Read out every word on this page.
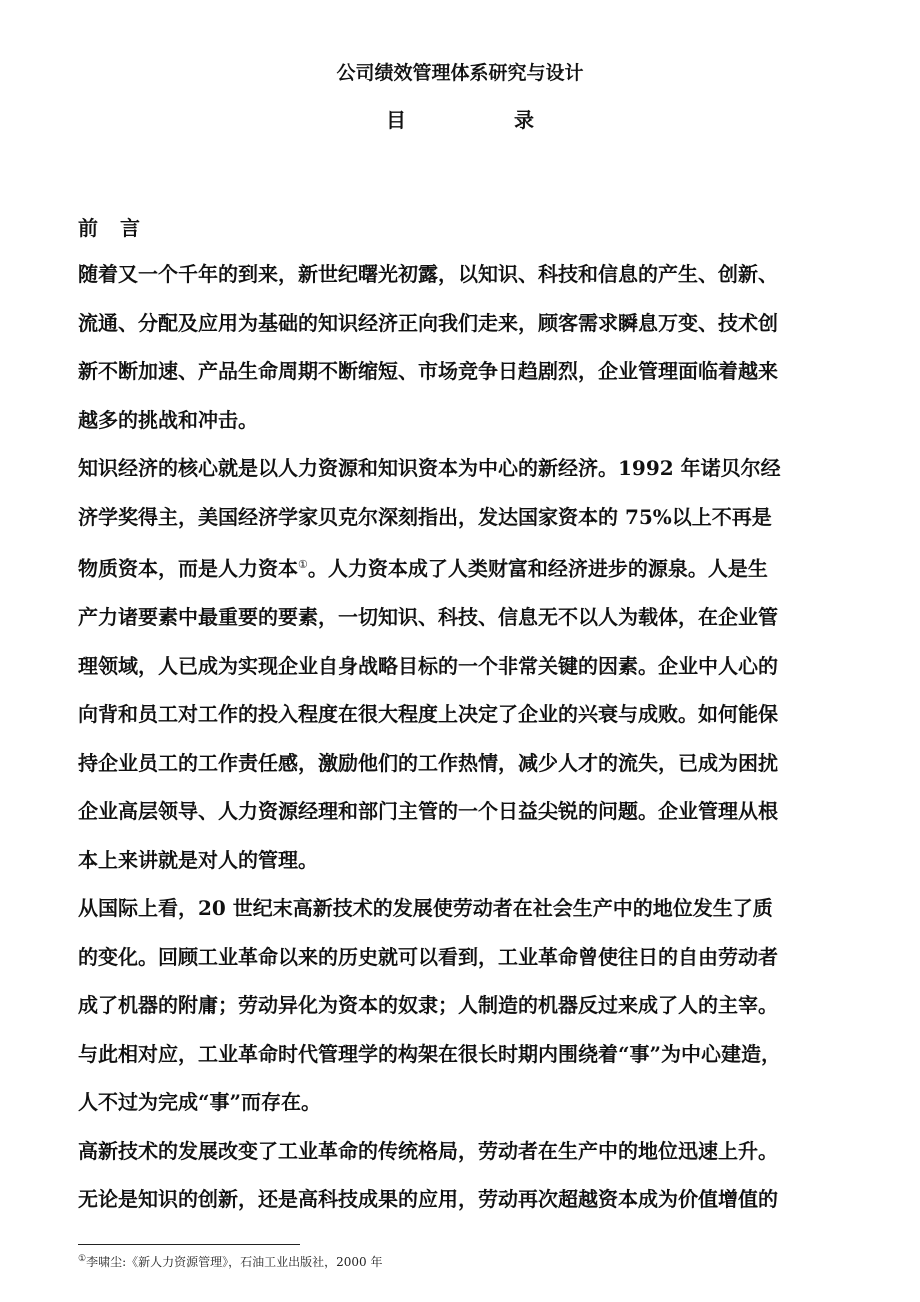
公司绩效管理体系研究与设计
目	录
前 言

随着又一个千年的到来，新世纪曙光初露，以知识、科技和信息的产生、创新、
流通、分配及应用为基础的知识经济正向我们走来，顾客需求瞬息万变、技术创
新不断加速、产品生命周期不断缩短、市场竞争日趋剧烈，企业管理面临着越来
越多的挑战和冲击。

知识经济的核心就是以人力资源和知识资本为中心的新经济。1992 年诺贝尔经
济学奖得主，美国经济学家贝克尔深刻指出，发达国家资本的 75%以上不再是
物质资本，而是人力资本①。人力资本成了人类财富和经济进步的源泉。人是生
产力诸要素中最重要的要素，一切知识、科技、信息无不以人为载体，在企业管
理领域，人已成为实现企业自身战略目标的一个非常关键的因素。企业中人心的
向背和员工对工作的投入程度在很大程度上决定了企业的兴衰与成败。如何能保
持企业员工的工作责任感，激励他们的工作热情，减少人才的流失，已成为困扰
企业高层领导、人力资源经理和部门主管的一个日益尖锐的问题。企业管理从根
本上来讲就是对人的管理。

从国际上看，20 世纪末高新技术的发展使劳动者在社会生产中的地位发生了质
的变化。回顾工业革命以来的历史就可以看到，工业革命曾使往日的自由劳动者
成了机器的附庸；劳动异化为资本的奴隶；人制造的机器反过来成了人的主宰。
与此相对应，工业革命时代管理学的构架在很长时期内围绕着“事”为中心建造，
人不过为完成“事”而存在。

高新技术的发展改变了工业革命的传统格局，劳动者在生产中的地位迅速上升。
无论是知识的创新，还是高科技成果的应用，劳动再次超越资本成为价值增值的

①李啸尘:《新人力资源管理》，石油工业出版社，2000 年
